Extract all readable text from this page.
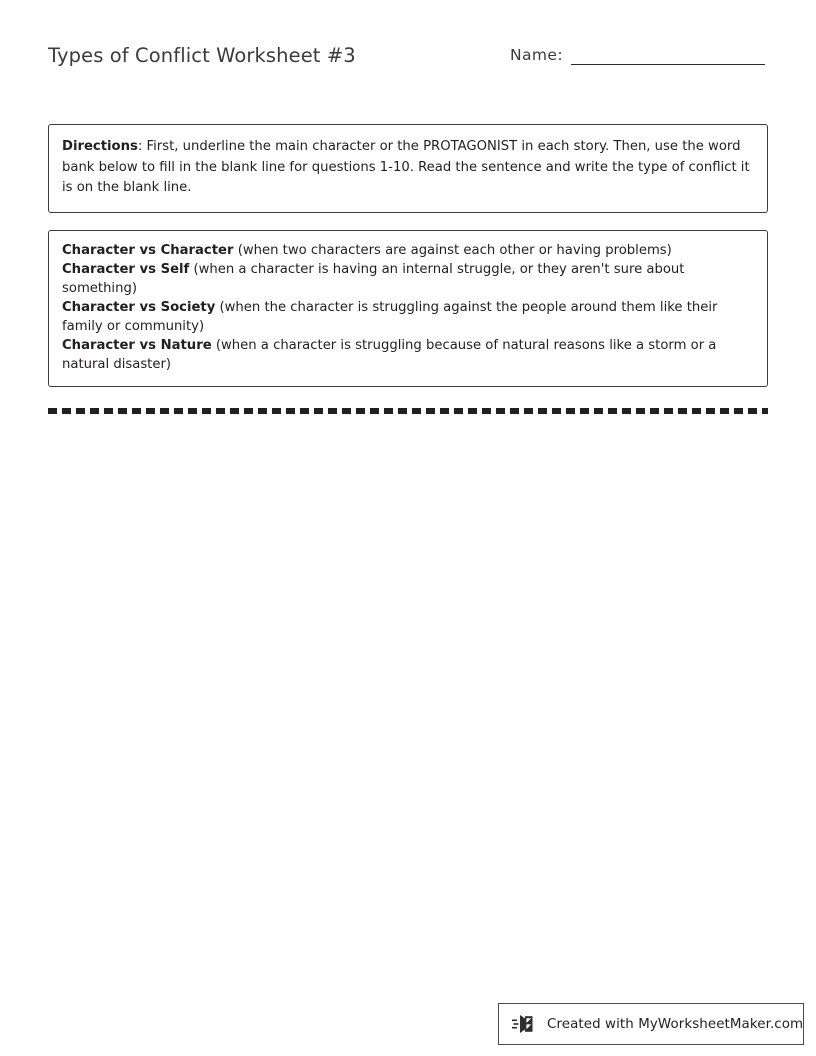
Types of Conflict Worksheet #3	Name:

Directions: First, underline the main character or the PROTAGONIST in each story. Then, use the word bank below to fill in the blank line for questions 1-10. Read the sentence and write the type of conflict it is on the blank line.

Character vs Character (when two characters are against each other or having problems)
Character vs Self (when a character is having an internal struggle, or they aren't sure about something)
Character vs Society (when the character is struggling against the people around them like their family or community)
Character vs Nature (when a character is struggling because of natural reasons like a storm or a natural disaster)
Created with MyWorksheetMaker.com
